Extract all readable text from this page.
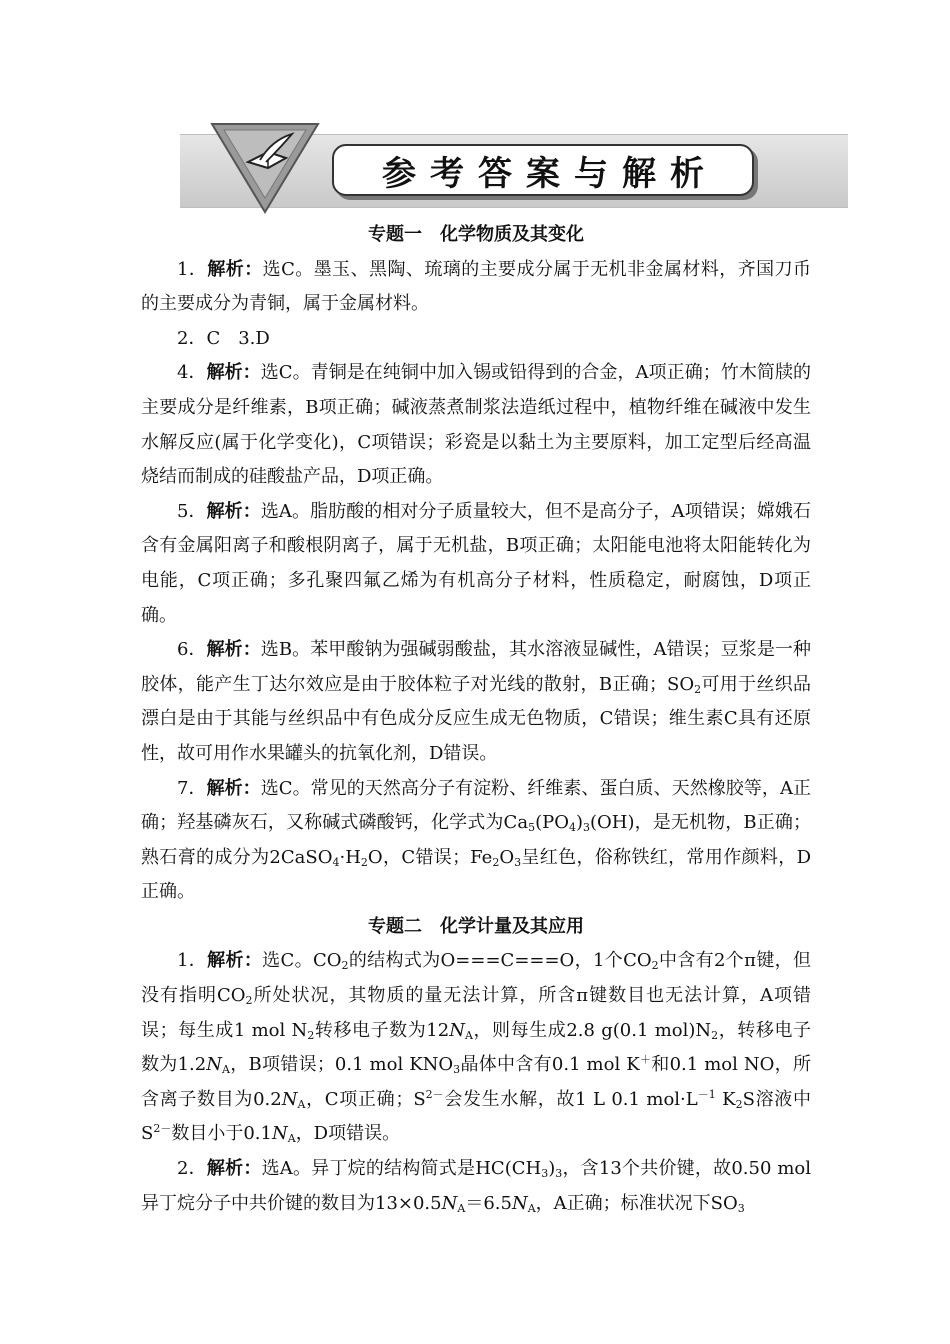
参考答案与解析
专题一　化学物质及其变化

1．解析：选C。墨玉、黑陶、琉璃的主要成分属于无机非金属材料，齐国刀币的主要成分为青铜，属于金属材料。

2．C　3.D

4．解析：选C。青铜是在纯铜中加入锡或铅得到的合金，A项正确；竹木简牍的主要成分是纤维素，B项正确；碱液蒸煮制浆法造纸过程中，植物纤维在碱液中发生水解反应(属于化学变化)，C项错误；彩瓷是以黏土为主要原料，加工定型后经高温烧结而制成的硅酸盐产品，D项正确。

5．解析：选A。脂肪酸的相对分子质量较大，但不是高分子，A项错误；嫦娥石含有金属阳离子和酸根阴离子，属于无机盐，B项正确；太阳能电池将太阳能转化为电能，C项正确；多孔聚四氟乙烯为有机高分子材料，性质稳定，耐腐蚀，D项正确。

6．解析：选B。苯甲酸钠为强碱弱酸盐，其水溶液显碱性，A错误；豆浆是一种胶体，能产生丁达尔效应是由于胶体粒子对光线的散射，B正确；$SO_2$可用于丝织品漂白是由于其能与丝织品中有色成分反应生成无色物质，C错误；维生素C具有还原性，故可用作水果罐头的抗氧化剂，D错误。

7．解析：选C。常见的天然高分子有淀粉、纤维素、蛋白质、天然橡胶等，A正确；羟基磷灰石，又称碱式磷酸钙，化学式为$Ca_5(PO_4)_3(OH)$，是无机物，B正确；熟石膏的成分为$2CaSO_4\cdot H_2O$，C错误；$Fe_2O_3$呈红色，俗称铁红，常用作颜料，D正确。

专题二　化学计量及其应用

1．解析：选C。$CO_2$的结构式为O===C===O，1个$CO_2$中含有2个π键，但没有指明$CO_2$所处状况，其物质的量无法计算，所含π键数目也无法计算，A项错误；每生成1 mol $N_2$转移电子数为$12N_A$，则每生成2.8 g(0.1 $mol)N_2$，转移电子数为$1.2N_A$，B项错误；0.1 mol $KNO_3$晶体中含有0.1 mol K＋和0.1 mol NO，所含离子数目为$0.2N_A$，C项正确；$S^{2-}$会发生水解，故1 L 0.1 $mol\cdot L^{-1}$ $K_2S$溶液中$S^{2-}$数目小于$0.1N_A$，D项错误。

2．解析：选A。异丁烷的结构简式是$HC(CH_3)_3$，含13个共价键，故0.50 mol异丁烷分子中共价键的数目为$13\times 0.5N_A=6.5N_A$，A正确；标准状况下$SO_3$
